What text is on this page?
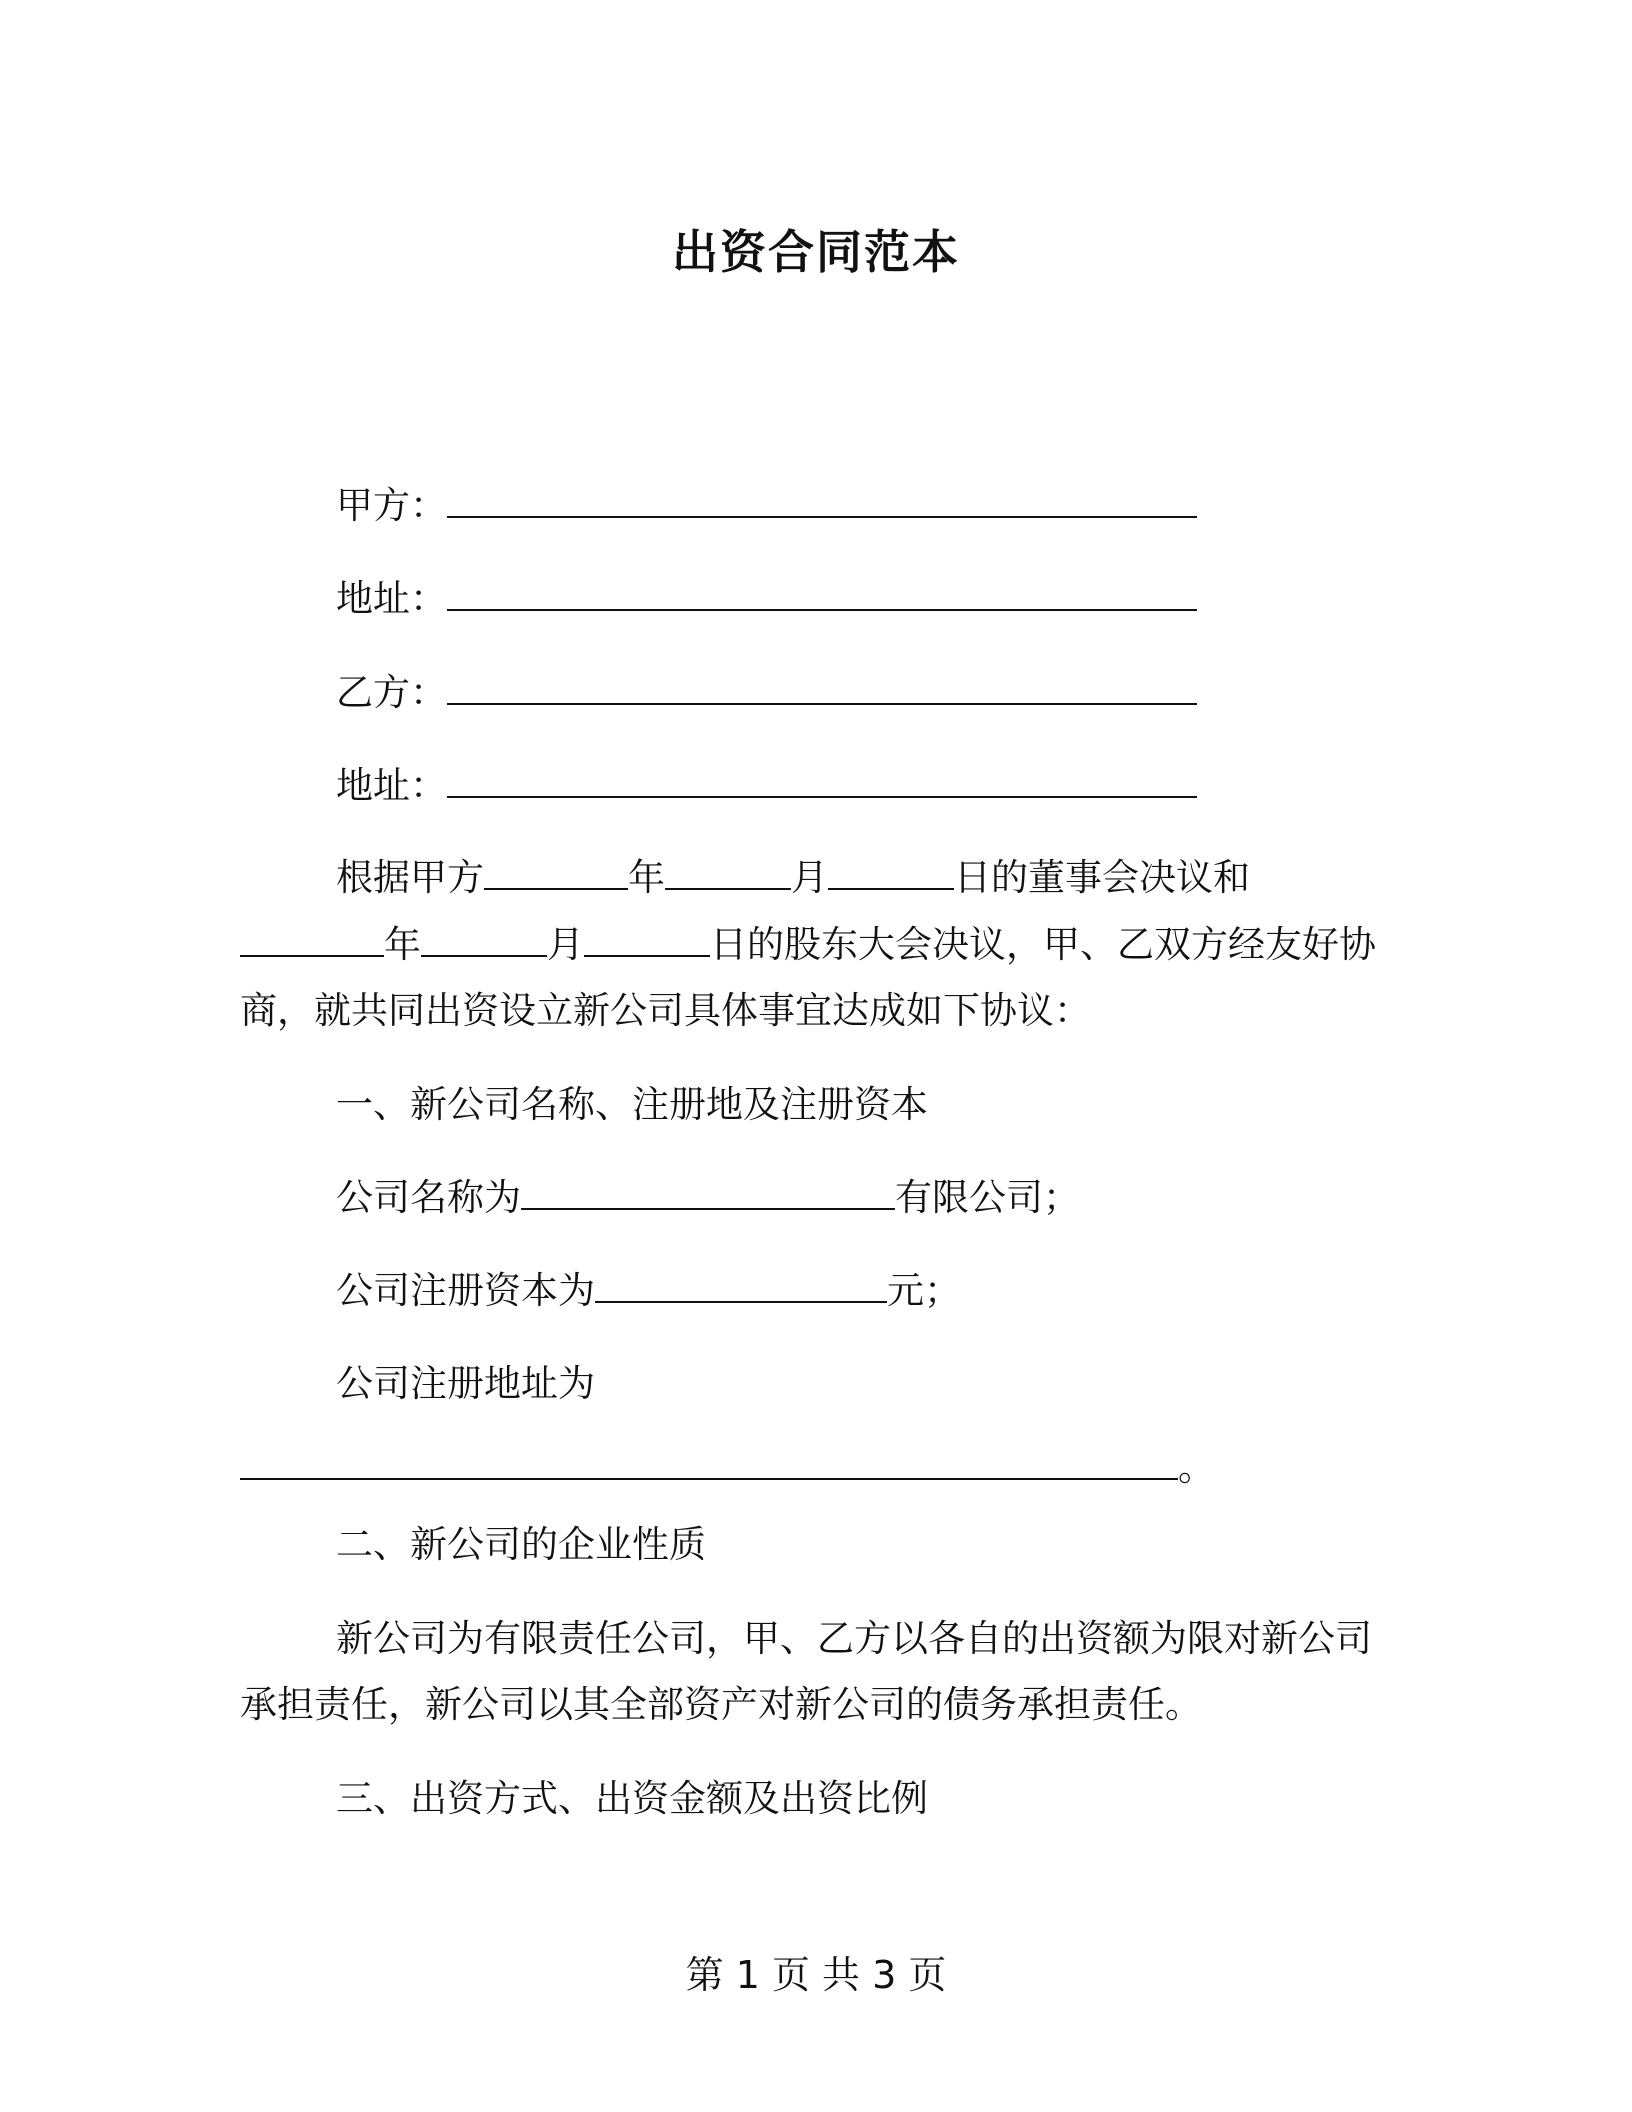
出资合同范本
甲方：
地址：
乙方：
地址：
根据甲方	年	月	日的董事会决议和
年	月	日的股东大会决议，甲、乙双方经友好协
商，就共同出资设立新公司具体事宜达成如下协议：
一、新公司名称、注册地及注册资本
公司名称为	有限公司；
公司注册资本为	元；
公司注册地址为
。
二、新公司的企业性质
新公司为有限责任公司，甲、乙方以各自的出资额为限对新公司
承担责任，新公司以其全部资产对新公司的债务承担责任。
三、出资方式、出资金额及出资比例
第 1 页 共 3 页
